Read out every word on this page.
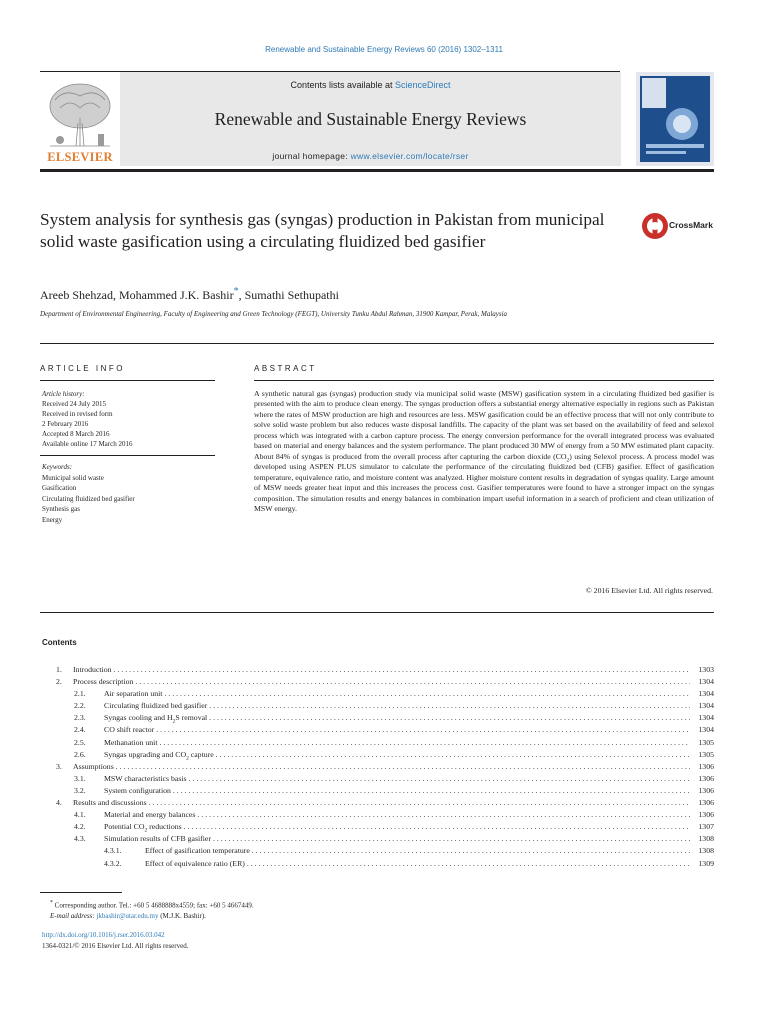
Renewable and Sustainable Energy Reviews 60 (2016) 1302–1311
ELSEVIER
Contents lists available at ScienceDirect
Renewable and Sustainable Energy Reviews
journal homepage: www.elsevier.com/locate/rser
System analysis for synthesis gas (syngas) production in Pakistan from municipal solid waste gasification using a circulating fluidized bed gasifier
CrossMark
Areeb Shehzad, Mohammed J.K. Bashir*, Sumathi Sethupathi
Department of Environmental Engineering, Faculty of Engineering and Green Technology (FEGT), University Tunku Abdul Rahman, 31900 Kampar, Perak, Malaysia
ARTICLE INFO	ABSTRACT
Article history:
Received 24 July 2015
Received in revised form
2 February 2016
Accepted 8 March 2016
Available online 17 March 2016
Keywords:
Municipal solid waste
Gasification
Circulating fluidized bed gasifier
Synthesis gas
Energy
A synthetic natural gas (syngas) production study via municipal solid waste (MSW) gasification system in a circulating fluidized bed gasifier is presented with the aim to produce clean energy. The syngas production offers a substantial energy alternative especially in regions such as Pakistan where the rates of MSW production are high and resources are less. MSW gasification could be an effective process that will not only contribute to solve solid waste problem but also reduces waste disposal landfills. The capacity of the plant was set based on the availability of feed and selexol process which was integrated with a carbon capture process. The energy conversion performance for the overall integrated process was evaluated based on material and energy balances and the system performance. The plant produced 30 MW of energy from a 50 MW estimated plant capacity. About 84% of syngas is produced from the overall process after capturing the carbon dioxide $(CO_2)$ using Selexol process. A process model was developed using ASPEN PLUS simulator to calculate the performance of the circulating fluidized bed (CFB) gasifier. Effect of gasification temperature, equivalence ratio, and moisture content was analyzed. Higher moisture content results in degradation of syngas quality. Large amount of MSW needs greater heat input and this increases the process cost. Gasifier temperatures were found to have a stronger impact on the syngas composition. The simulation results and energy balances in combination impart useful information in a search of proficient and clean utilization of MSW energy.
© 2016 Elsevier Ltd. All rights reserved.
Contents
1. Introduction . . .	1303
2. Process description . . .	1304
2.1. Air separation unit . . .	1304
2.2. Circulating fluidized bed gasifier . . .	1304
2.3. Syngas cooling and $H_2S$ removal . . .	1304
2.4. CO shift reactor . . .	1304
2.5. Methanation unit . . .	1305
2.6. Syngas upgrading and $CO_2$ capture . . .	1305
3. Assumptions . . .	1306
3.1. MSW characteristics basis . . .	1306
3.2. System configuration . . .	1306
4. Results and discussions . . .	1306
4.1. Material and energy balances . . .	1306
4.2. Potential $CO_2$ reductions . . .	1307
4.3. Simulation results of CFB gasifier . . .	1308
4.3.1.	Effect of gasification temperature . . .	1308
4.3.2.	Effect of equivalence ratio (ER) . . .	1309
* Corresponding author. Tel.: +60 5 4688888x4559; fax: +60 5 4667449.
E-mail address: jkbashir@utar.edu.my (M.J.K. Bashir).
http://dx.doi.org/10.1016/j.rser.2016.03.042
1364-0321/© 2016 Elsevier Ltd. All rights reserved.
